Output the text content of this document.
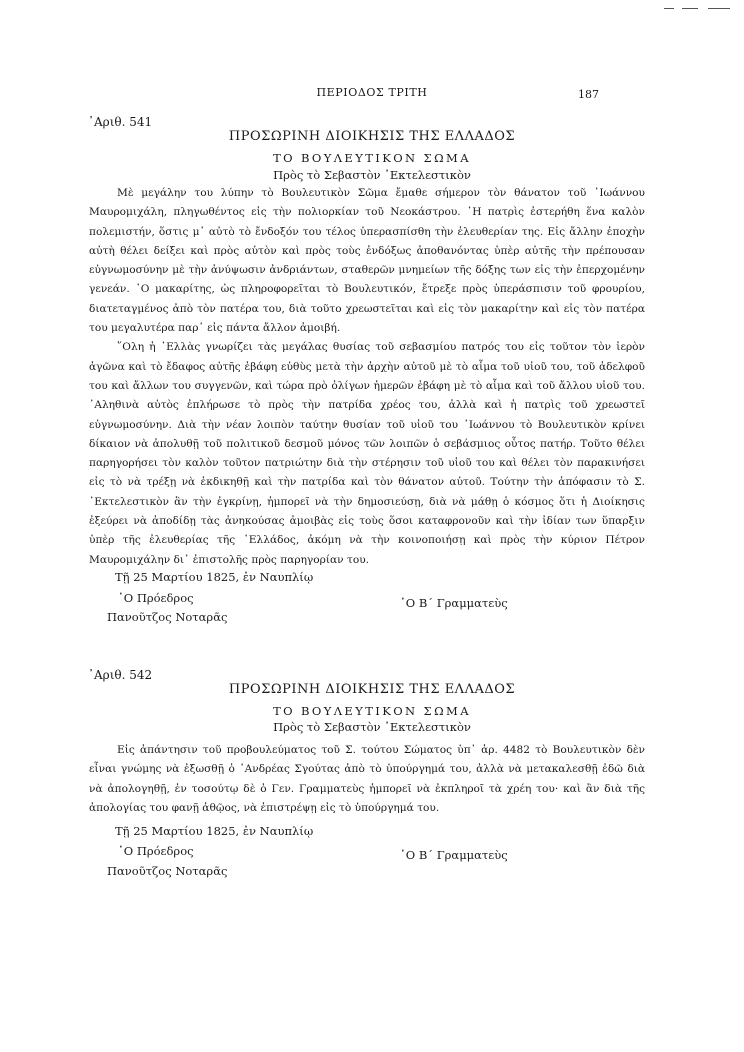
ΠΕΡΙΟΔΟΣ ΤΡΙΤΗ	187
᾿Αριθ. 541
ΠΡΟΣΩΡΙΝΗ ΔΙΟΙΚΗΣΙΣ ΤΗΣ ΕΛΛΑΔΟΣ
ΤΟ ΒΟΥΛΕΥΤΙΚΟΝ ΣΩΜΑ
Πρὸς τὸ Σεβαστὸν ᾿Εκτελεστικὸν

Μὲ μεγάλην του λύπην τὸ Βουλευτικὸν Σῶμα ἔμαθε σήμερον τὸν θάνατον τοῦ ᾿Ιωάννου Μαυρομιχάλη, πληγωθέντος εἰς τὴν πολιορκίαν τοῦ Νεοκάστρου. ῾Η πατρὶς ἐστερήθη ἕνα καλὸν πολεμιστήν, ὅστις μ᾿ αὐτὸ τὸ ἔνδοξόν του τέλος ὑπερασπίσθη τὴν ἐλευθερίαν της. Εἰς ἄλλην ἐποχὴν αὐτὴ θέλει δείξει καὶ πρὸς αὐτὸν καὶ πρὸς τοὺς ἐνδόξως ἀποθανόντας ὑπὲρ αὐτῆς τὴν πρέπουσαν εὐγνωμοσύνην μὲ τὴν ἀνύψωσιν ἀνδριάντων, σταθερῶν μνημείων τῆς δόξης των εἰς τὴν ἐπερχομένην γενεάν. ᾿Ο μακαρίτης, ὡς πληροφορεῖται τὸ Βουλευτικόν, ἔτρεξε πρὸς ὑπεράσπισιν τοῦ φρουρίου, διατεταγμένος ἀπὸ τὸν πατέρα του, διὰ τοῦτο χρεωστεῖται καὶ εἰς τὸν μακαρίτην καὶ εἰς τὸν πατέρα του μεγαλυτέρα παρ᾿ εἰς πάντα ἄλλον ἀμοιβή.

῞Ολη ἡ ῾Ελλὰς γνωρίζει τὰς μεγάλας θυσίας τοῦ σεβασμίου πατρός του εἰς τοῦτον τὸν ἱερὸν ἀγῶνα καὶ τὸ ἔδαφος αὐτῆς ἐβάφη εὐθὺς μετὰ τὴν ἀρχὴν αὐτοῦ μὲ τὸ αἷμα τοῦ υἱοῦ του, τοῦ ἀδελφοῦ του καὶ ἄλλων του συγγενῶν, καὶ τώρα πρὸ ὀλίγων ἡμερῶν ἐβάφη μὲ τὸ αἷμα καὶ τοῦ ἄλλου υἱοῦ του. ᾿Αληθινὰ αὐτὸς ἐπλήρωσε τὸ πρὸς τὴν πατρίδα χρέος του, ἀλλὰ καὶ ἡ πατρὶς τοῦ χρεωστεῖ εὐγνωμοσύνην. Διὰ τὴν νέαν λοιπὸν ταύτην θυσίαν τοῦ υἱοῦ του ᾿Ιωάννου τὸ Βουλευτικὸν κρίνει δίκαιον νὰ ἀπολυθῇ τοῦ πολιτικοῦ δεσμοῦ μόνος τῶν λοιπῶν ὁ σεβάσμιος οὗτος πατήρ. Τοῦτο θέλει παρηγορήσει τὸν καλὸν τοῦτον πατριώτην διὰ τὴν στέρησιν τοῦ υἱοῦ του καὶ θέλει τὸν παρακινήσει εἰς τὸ νὰ τρέξῃ νὰ ἐκδικηθῇ καὶ τὴν πατρίδα καὶ τὸν θάνατον αὐτοῦ. Τούτην τὴν ἀπόφασιν τὸ Σ. ᾿Εκτελεστικὸν ἂν τὴν ἐγκρίνῃ, ἠμπορεῖ νὰ τὴν δημοσιεύσῃ, διὰ νὰ μάθῃ ὁ κόσμος ὅτι ἡ Διοίκησις ἐξεύρει νὰ ἀποδίδῃ τὰς ἁνηκούσας ἀμοιβὰς εἰς τοὺς ὅσοι καταφρονοῦν καὶ τὴν ἰδίαν των ὕπαρξιν ὑπὲρ τῆς ἐλευθερίας τῆς ῾Ελλάδος, ἀκόμη νὰ τὴν κοινοποιήσῃ καὶ πρὸς τὴν κύριον Πέτρον Μαυρομιχάλην δι᾿ ἐπιστολῆς πρὸς παρηγορίαν του.

Τῇ 25 Μαρτίου 1825, ἐν Ναυπλίῳ
῾Ο Πρόεδρος	῾Ο Β΄ Γραμματεὺς
Πανοῦτζος Νοταρᾶς
᾿Αριθ. 542
ΠΡΟΣΩΡΙΝΗ ΔΙΟΙΚΗΣΙΣ ΤΗΣ ΕΛΛΑΔΟΣ
ΤΟ ΒΟΥΛΕΥΤΙΚΟΝ ΣΩΜΑ
Πρὸς τὸ Σεβαστὸν ᾿Εκτελεστικὸν

Εἰς ἀπάντησιν τοῦ προβουλεύματος τοῦ Σ. τούτου Σώματος ὑπ᾿ ἀρ. 4482 τὸ Βουλευτικὸν δὲν εἶναι γνώμης νὰ ἐξωσθῇ ὁ ᾿Ανδρέας Σγούτας ἀπὸ τὸ ὑπούργημά του, ἀλλὰ νὰ μετακαλεσθῇ ἐδῶ διὰ νὰ ἀπολογηθῇ, ἐν τοσούτῳ δὲ ὁ Γεν. Γραμματεὺς ἠμπορεῖ νὰ ἐκπληροῖ τὰ χρέη του· καὶ ἂν διὰ τῆς ἀπολογίας του φανῇ ἀθῷος, νὰ ἐπιστρέψῃ εἰς τὸ ὑπούργημά του.

Τῇ 25 Μαρτίου 1825, ἐν Ναυπλίῳ
῾Ο Πρόεδρος	῾Ο Β΄ Γραμματεὺς
Πανοῦτζος Νοταρᾶς
